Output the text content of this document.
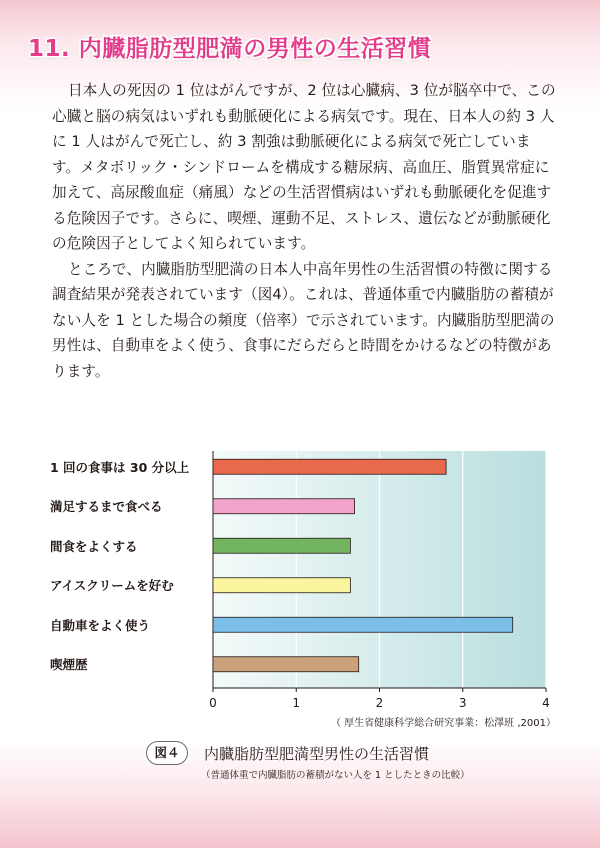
11. 内臓脂肪型肥満の男性の生活習慣

日本人の死因の 1 位はがんですが、2 位は心臓病、3 位が脳卒中で、この心臓と脳の病気はいずれも動脈硬化による病気です。現在、日本人の約 3 人に 1 人はがんで死亡し、約 3 割強は動脈硬化による病気で死亡しています。メタボリック・シンドロームを構成する糖尿病、高血圧、脂質異常症に加えて、高尿酸血症（痛風）などの生活習慣病はいずれも動脈硬化を促進する危険因子です。さらに、喫煙、運動不足、ストレス、遺伝などが動脈硬化の危険因子としてよく知られています。

ところで、内臓脂肪型肥満の日本人中高年男性の生活習慣の特徴に関する調査結果が発表されています（図4）。これは、普通体重で内臓脂肪の蓄積がない人を 1 とした場合の頻度（倍率）で示されています。内臓脂肪型肥満の男性は、自動車をよく使う、食事にだらだらと時間をかけるなどの特徴があります。

0	1	2	3	4
1 回の食事は 30 分以上
満足するまで食べる
間食をよくする
アイスクリームを好む
自動車をよく使う
喫煙歴
（ 厚生省健康科学総合研究事業：松澤班 ,2001）
図４	内臓脂肪型肥満型男性の生活習慣
（普通体重で内臓脂肪の蓄積がない人を 1 としたときの比較）
